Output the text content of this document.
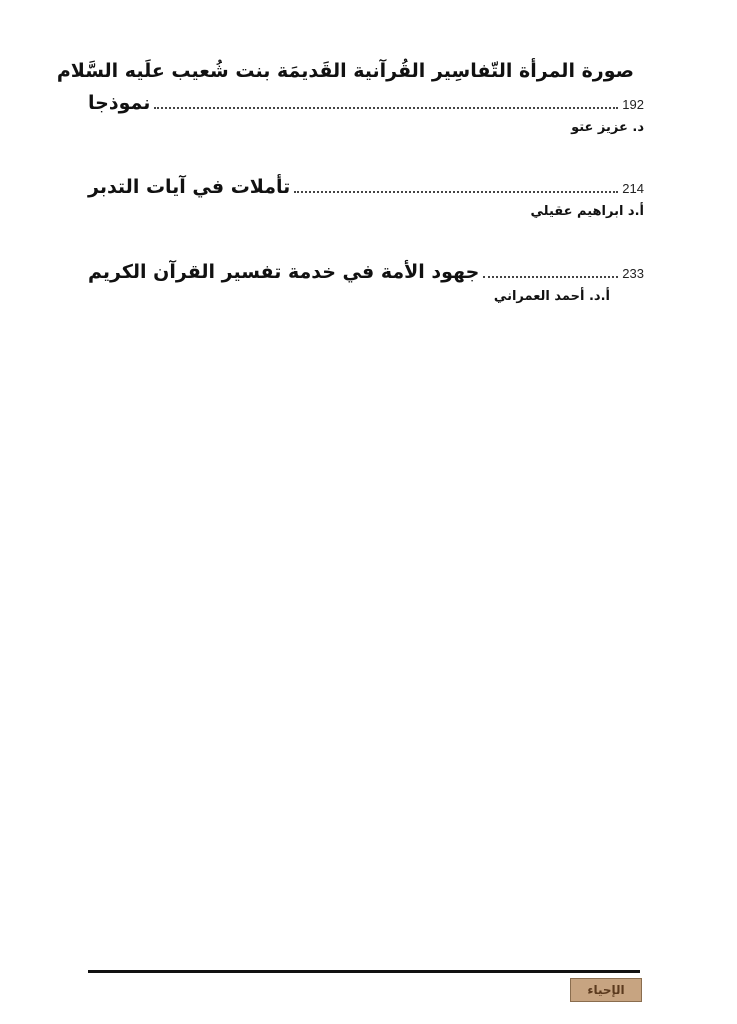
صورة المرأة التّفاسِير القُرآنية القَديمَة بنت شُعيب علَيه السَّلام
نموذجا	192
د. عزيز عتو
تأملات في آيات التدبر	214
أ.د ابراهيم عقيلي
جهود الأمة في خدمة تفسير القرآن الكريم	233
أ.د. أحمد العمراني
الإحياء
